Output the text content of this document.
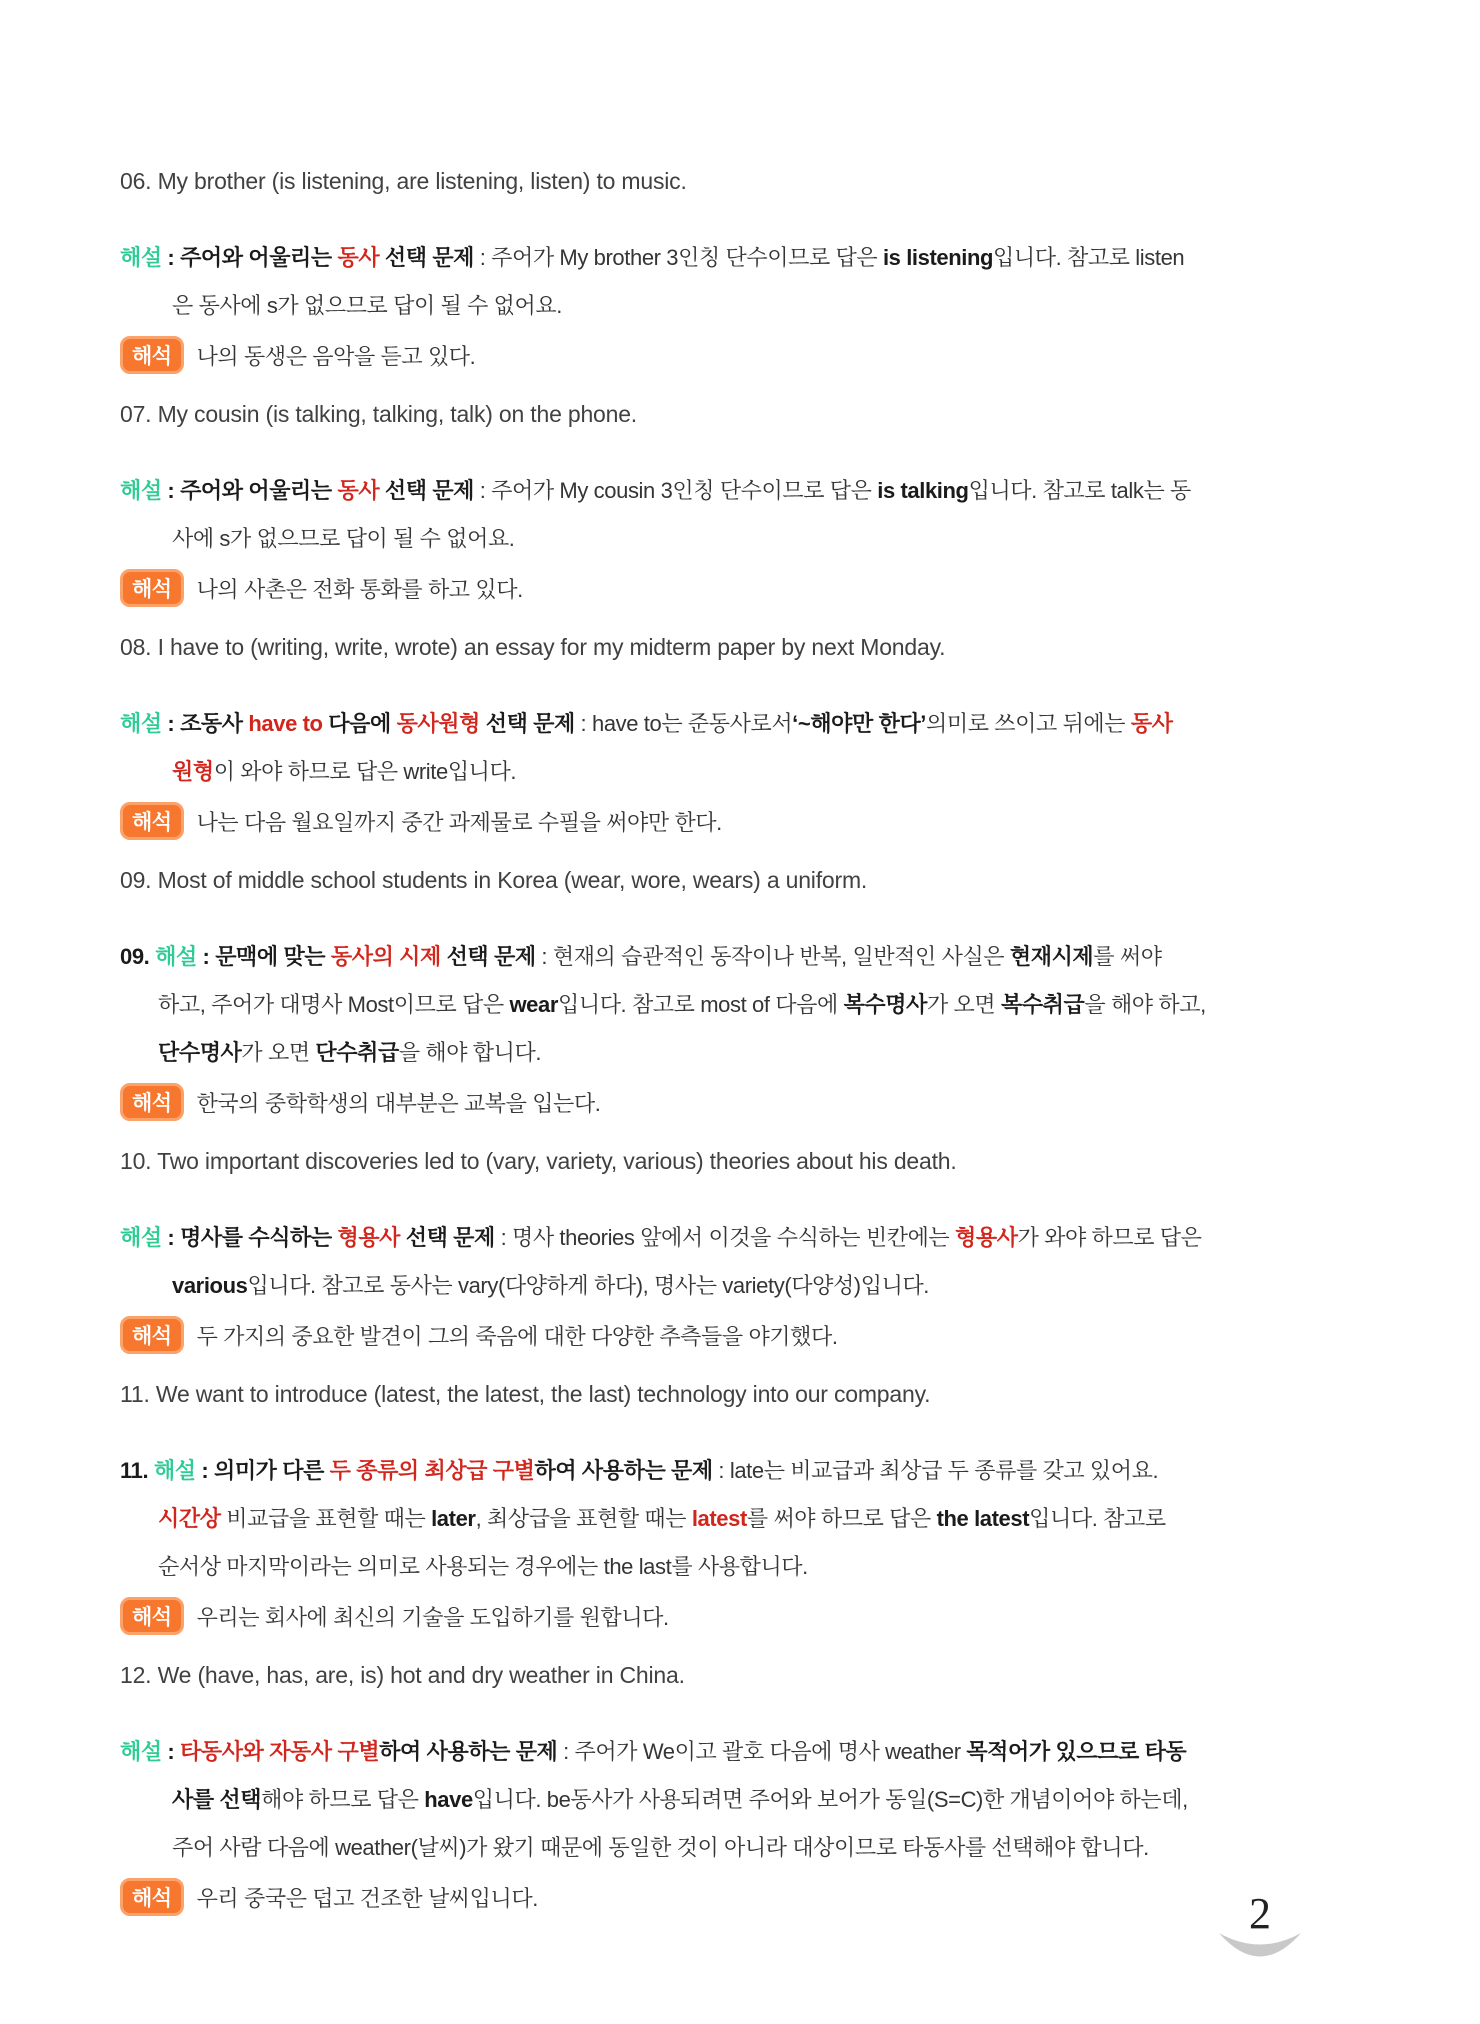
06. My brother (is listening, are listening, listen) to music.
해설 : 주어와 어울리는 동사 선택 문제 : 주어가 My brother 3인칭 단수이므로 답은 is listening입니다. 참고로 listen
은 동사에 s가 없으므로 답이 될 수 없어요.
해석	나의 동생은 음악을 듣고 있다.
07. My cousin (is talking, talking, talk) on the phone.
해설 : 주어와 어울리는 동사 선택 문제 : 주어가 My cousin 3인칭 단수이므로 답은 is talking입니다. 참고로 talk는 동
사에 s가 없으므로 답이 될 수 없어요.
해석	나의 사촌은 전화 통화를 하고 있다.
08. I have to (writing, write, wrote) an essay for my midterm paper by next Monday.
해설 : 조동사 have to 다음에 동사원형 선택 문제 : have to는 준동사로서‘~해야만 한다’의미로 쓰이고 뒤에는 동사
원형이 와야 하므로 답은 write입니다.
해석	나는 다음 월요일까지 중간 과제물로 수필을 써야만 한다.
09. Most of middle school students in Korea (wear, wore, wears) a uniform.
09. 해설 : 문맥에 맞는 동사의 시제 선택 문제 : 현재의 습관적인 동작이나 반복, 일반적인 사실은 현재시제를 써야
하고, 주어가 대명사 Most이므로 답은 wear입니다. 참고로 most of 다음에 복수명사가 오면 복수취급을 해야 하고,
단수명사가 오면 단수취급을 해야 합니다.
해석	한국의 중학학생의 대부분은 교복을 입는다.
10. Two important discoveries led to (vary, variety, various) theories about his death.
해설 : 명사를 수식하는 형용사 선택 문제 : 명사 theories 앞에서 이것을 수식하는 빈칸에는 형용사가 와야 하므로 답은
various입니다. 참고로 동사는 vary(다양하게 하다), 명사는 variety(다양성)입니다.
해석	두 가지의 중요한 발견이 그의 죽음에 대한 다양한 추측들을 야기했다.
11. We want to introduce (latest, the latest, the last) technology into our company.
11. 해설 : 의미가 다른 두 종류의 최상급 구별하여 사용하는 문제 : late는 비교급과 최상급 두 종류를 갖고 있어요.
시간상 비교급을 표현할 때는 later, 최상급을 표현할 때는 latest를 써야 하므로 답은 the latest입니다. 참고로
순서상 마지막이라는 의미로 사용되는 경우에는 the last를 사용합니다.
해석	우리는 회사에 최신의 기술을 도입하기를 원합니다.
12. We (have, has, are, is) hot and dry weather in China.
해설 : 타동사와 자동사 구별하여 사용하는 문제 : 주어가 We이고 괄호 다음에 명사 weather 목적어가 있으므로 타동
사를 선택해야 하므로 답은 have입니다. be동사가 사용되려면 주어와 보어가 동일(S=C)한 개념이어야 하는데,
주어 사람 다음에 weather(날씨)가 왔기 때문에 동일한 것이 아니라 대상이므로 타동사를 선택해야 합니다.
해석	우리 중국은 덥고 건조한 날씨입니다.	2
